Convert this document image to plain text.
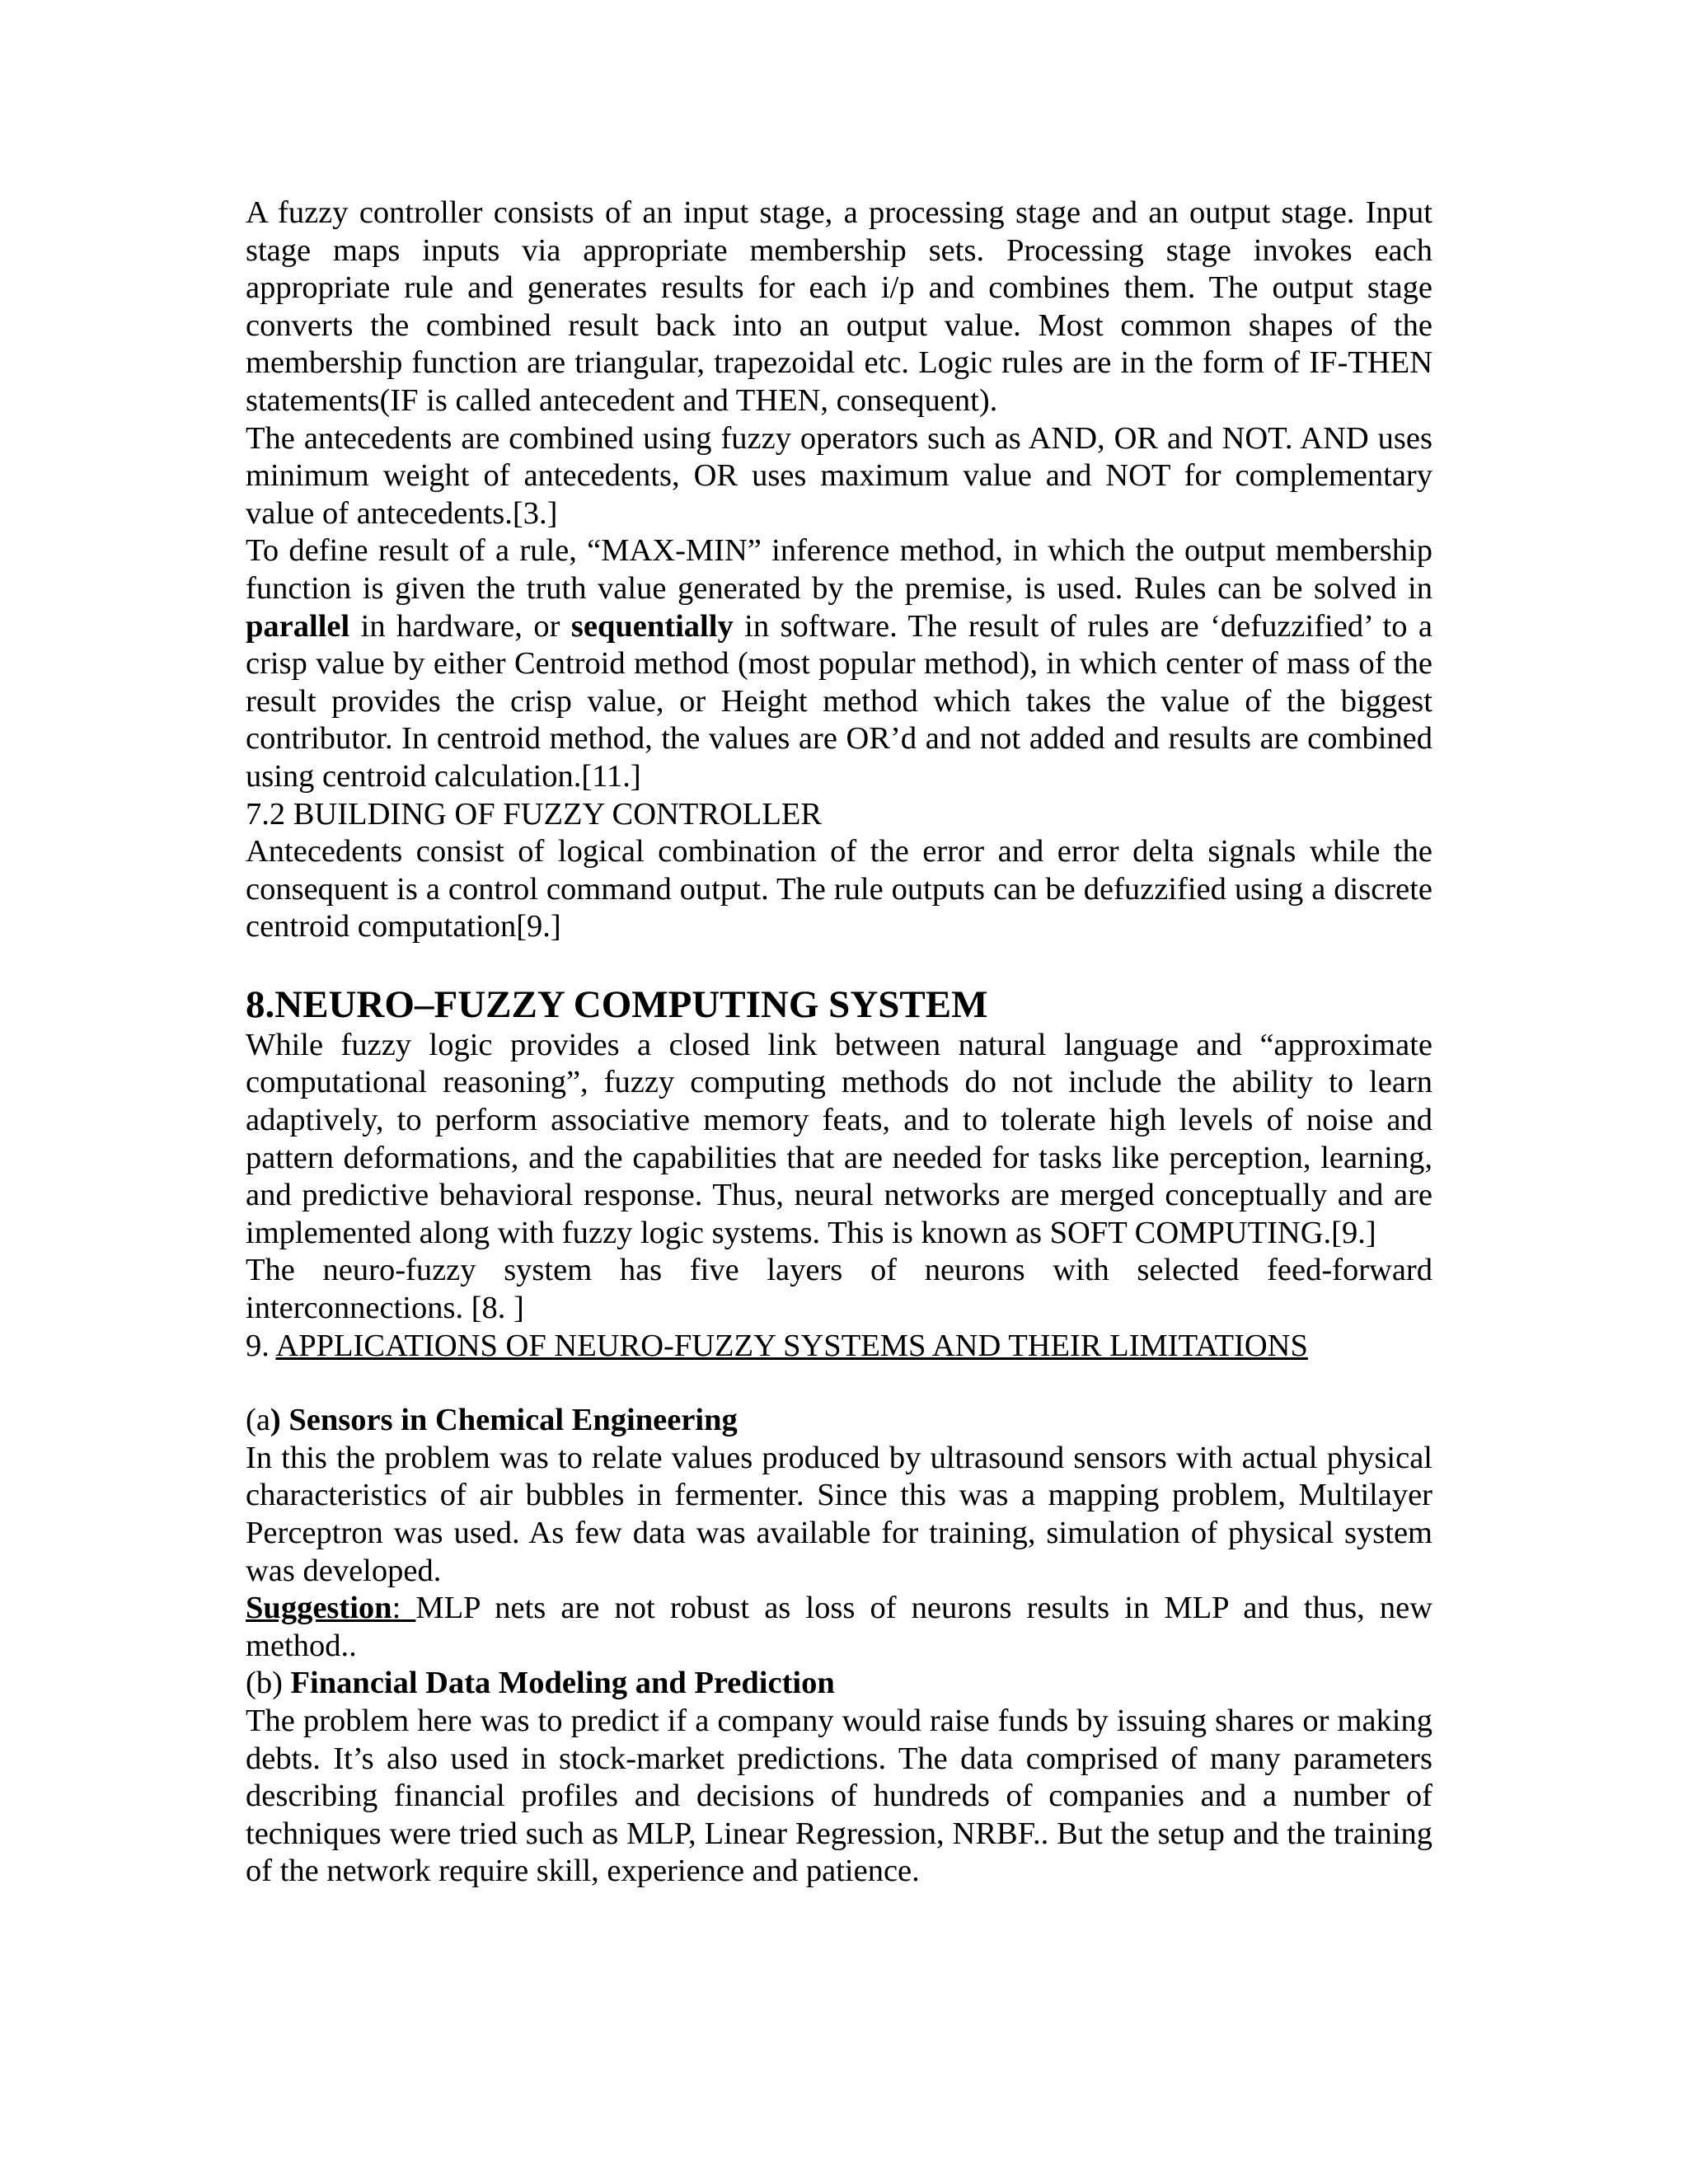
A fuzzy controller consists of an input stage, a processing stage and an output stage. Input stage maps inputs via appropriate membership sets. Processing stage invokes each appropriate rule and generates results for each i/p and combines them. The output stage converts the combined result back into an output value. Most common shapes of the membership function are triangular, trapezoidal etc. Logic rules are in the form of IF-THEN statements(IF is called antecedent and THEN, consequent).

The antecedents are combined using fuzzy operators such as AND, OR and NOT. AND uses minimum weight of antecedents, OR uses maximum value and NOT for complementary value of antecedents.[3.]

To define result of a rule, “MAX-MIN” inference method, in which the output membership function is given the truth value generated by the premise, is used. Rules can be solved in parallel in hardware, or sequentially in software. The result of rules are ‘defuzzified’ to a crisp value by either Centroid method (most popular method), in which center of mass of the result provides the crisp value, or Height method which takes the value of the biggest contributor. In centroid method, the values are OR’d and not added and results are combined using centroid calculation.[11.]

7.2 BUILDING OF FUZZY CONTROLLER

Antecedents consist of logical combination of the error and error delta signals while the consequent is a control command output. The rule outputs can be defuzzified using a discrete centroid computation[9.]

8.NEURO–FUZZY COMPUTING SYSTEM

While fuzzy logic provides a closed link between natural language and “approximate computational reasoning”, fuzzy computing methods do not include the ability to learn adaptively, to perform associative memory feats, and to tolerate high levels of noise and pattern deformations, and the capabilities that are needed for tasks like perception, learning, and predictive behavioral response. Thus, neural networks are merged conceptually and are implemented along with fuzzy logic systems. This is known as SOFT COMPUTING.[9.]

The neuro-fuzzy system has five layers of neurons with selected feed-forward interconnections. [8. ]

9. APPLICATIONS OF NEURO-FUZZY SYSTEMS AND THEIR LIMITATIONS

(a) Sensors in Chemical Engineering

In this the problem was to relate values produced by ultrasound sensors with actual physical characteristics of air bubbles in fermenter. Since this was a mapping problem, Multilayer Perceptron was used. As few data was available for training, simulation of physical system was developed.

Suggestion: MLP nets are not robust as loss of neurons results in MLP and thus, new method..

(b) Financial Data Modeling and Prediction

The problem here was to predict if a company would raise funds by issuing shares or making debts. It’s also used in stock-market predictions. The data comprised of many parameters describing financial profiles and decisions of hundreds of companies and a number of techniques were tried such as MLP, Linear Regression, NRBF.. But the setup and the training of the network require skill, experience and patience.
